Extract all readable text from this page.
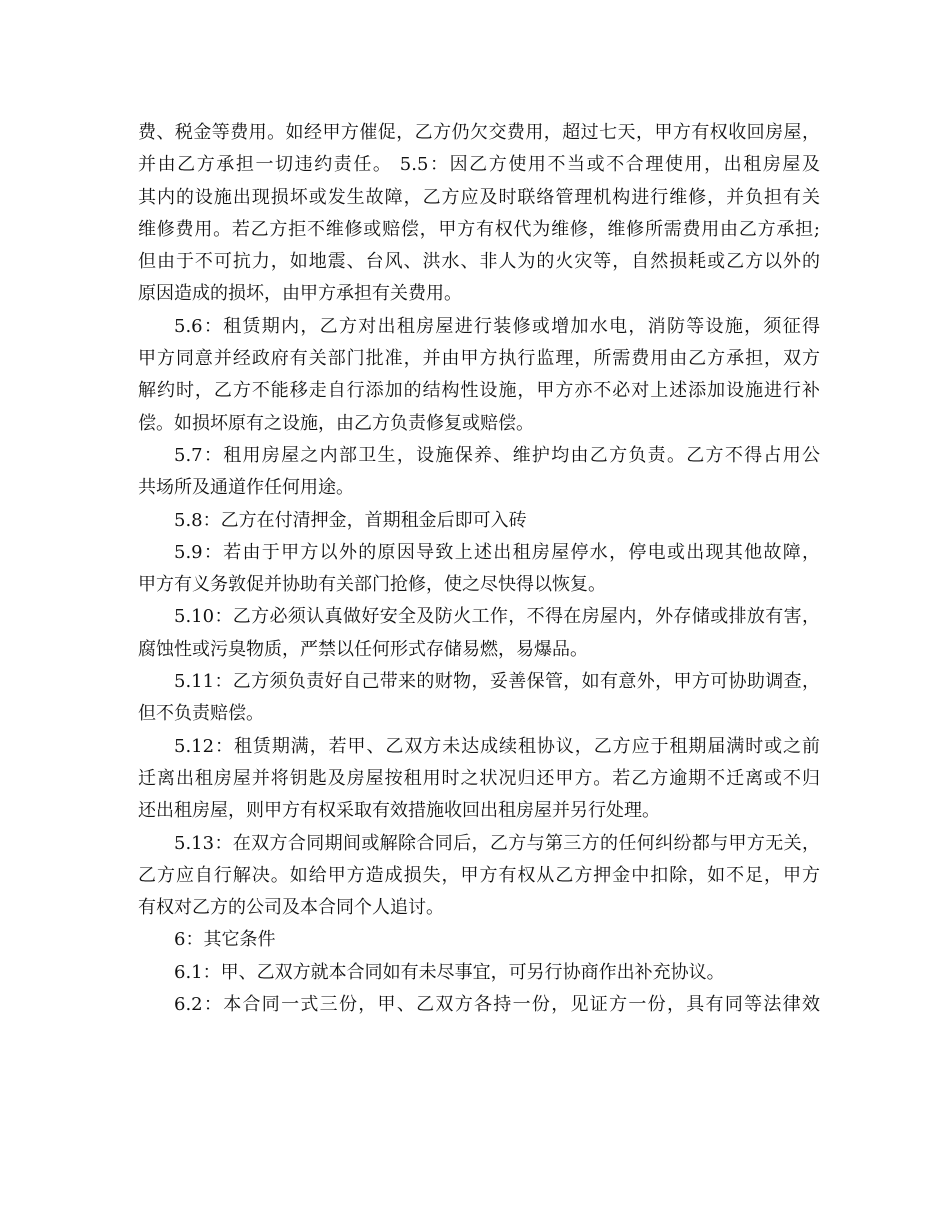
费、税金等费用。如经甲方催促，乙方仍欠交费用，超过七天，甲方有权收回房屋，
并由乙方承担一切违约责任。 5.5：因乙方使用不当或不合理使用，出租房屋及
其内的设施出现损坏或发生故障，乙方应及时联络管理机构进行维修，并负担有关
维修费用。若乙方拒不维修或赔偿，甲方有权代为维修，维修所需费用由乙方承担;
但由于不可抗力，如地震、台风、洪水、非人为的火灾等，自然损耗或乙方以外的
原因造成的损坏，由甲方承担有关费用。
5.6：租赁期内，乙方对出租房屋进行装修或增加水电，消防等设施，须征得
甲方同意并经政府有关部门批准，并由甲方执行监理，所需费用由乙方承担，双方
解约时，乙方不能移走自行添加的结构性设施，甲方亦不必对上述添加设施进行补
偿。如损坏原有之设施，由乙方负责修复或赔偿。
5.7：租用房屋之内部卫生，设施保养、维护均由乙方负责。乙方不得占用公
共场所及通道作任何用途。
5.8：乙方在付清押金，首期租金后即可入砖
5.9：若由于甲方以外的原因导致上述出租房屋停水，停电或出现其他故障，
甲方有义务敦促并协助有关部门抢修，使之尽快得以恢复。
5.10：乙方必须认真做好安全及防火工作，不得在房屋内，外存储或排放有害，
腐蚀性或污臭物质，严禁以任何形式存储易燃，易爆品。
5.11：乙方须负责好自己带来的财物，妥善保管，如有意外，甲方可协助调查，
但不负责赔偿。
5.12：租赁期满，若甲、乙双方未达成续租协议，乙方应于租期届满时或之前
迁离出租房屋并将钥匙及房屋按租用时之状况归还甲方。若乙方逾期不迁离或不归
还出租房屋，则甲方有权采取有效措施收回出租房屋并另行处理。
5.13：在双方合同期间或解除合同后，乙方与第三方的任何纠纷都与甲方无关，
乙方应自行解决。如给甲方造成损失，甲方有权从乙方押金中扣除，如不足，甲方
有权对乙方的公司及本合同个人追讨。
6：其它条件
6.1：甲、乙双方就本合同如有未尽事宜，可另行协商作出补充协议。
6.2：本合同一式三份，甲、乙双方各持一份，见证方一份，具有同等法律效
